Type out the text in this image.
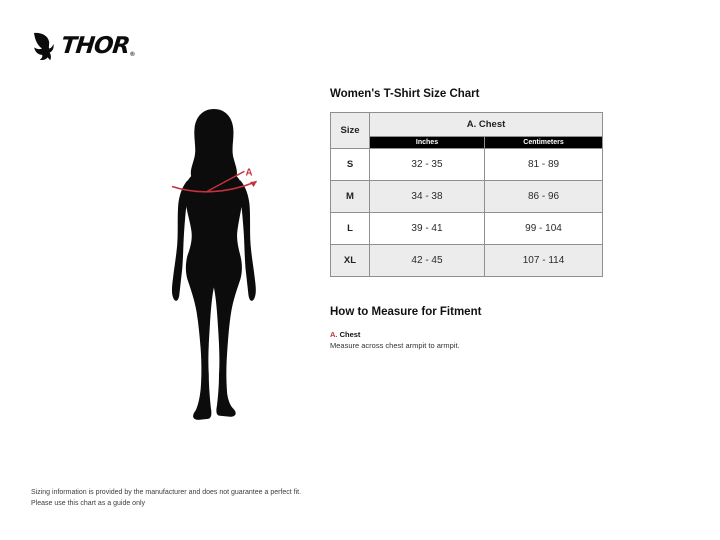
THOR ®
A
Women's T-Shirt Size Chart
Size	A. Chest	
	Inches	Centimeters
S	32 - 35	81 - 89
M	34 - 38	86 - 96
L	39 - 41	99 - 104
XL	42 - 45	107 - 114
How to Measure for Fitment
A. Chest
Measure across chest armpit to armpit.
Sizing information is provided by the manufacturer and does not guarantee a perfect fit.
Please use this chart as a guide only
